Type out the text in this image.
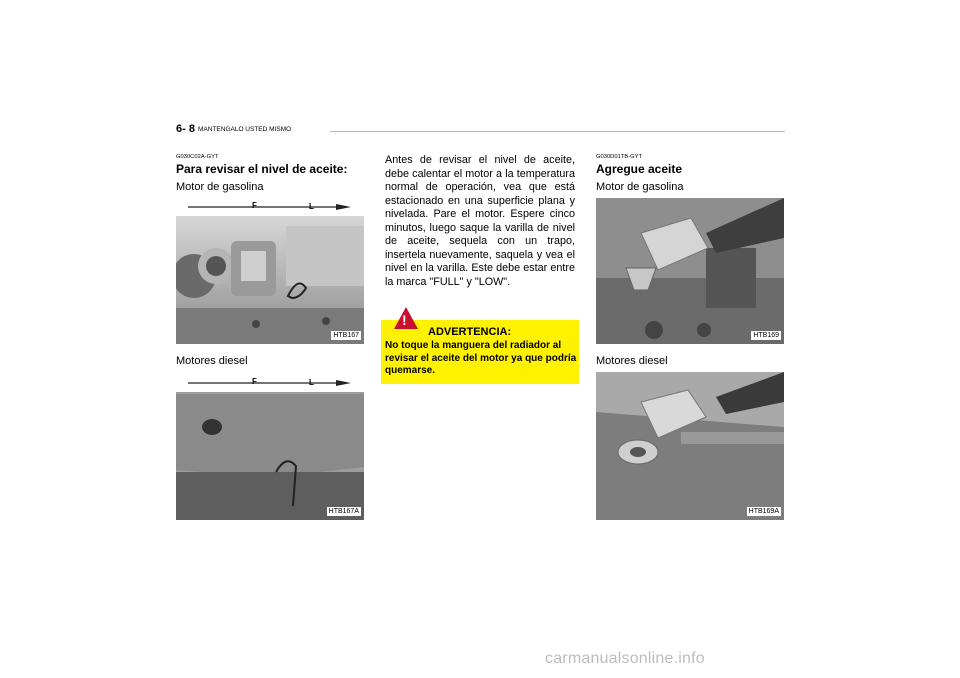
6- 8 MANTENGALO USTED MISMO
G030C02A-GYT
Para revisar el nivel de aceite:
Motor de gasolina
F	L
HTB167
Motores diesel
F	L
HTB167A
Antes de revisar el nivel de aceite, debe calentar el motor a la temperatura normal de operación, vea que está estacionado en una superficie plana y nivelada. Pare el motor. Espere cinco minutos, luego saque la varilla de nivel de aceite, sequela con un trapo, insertela nuevamente, saquela y vea el nivel en la varilla. Este debe estar entre la marca "FULL" y "LOW".
!
ADVERTENCIA:
No toque la manguera del radiador al revisar el aceite del motor ya que podría quemarse.
G030D01TB-GYT
Agregue aceite
Motor de gasolina
HTB169
Motores diesel
HTB169A
carmanualsonline.info
